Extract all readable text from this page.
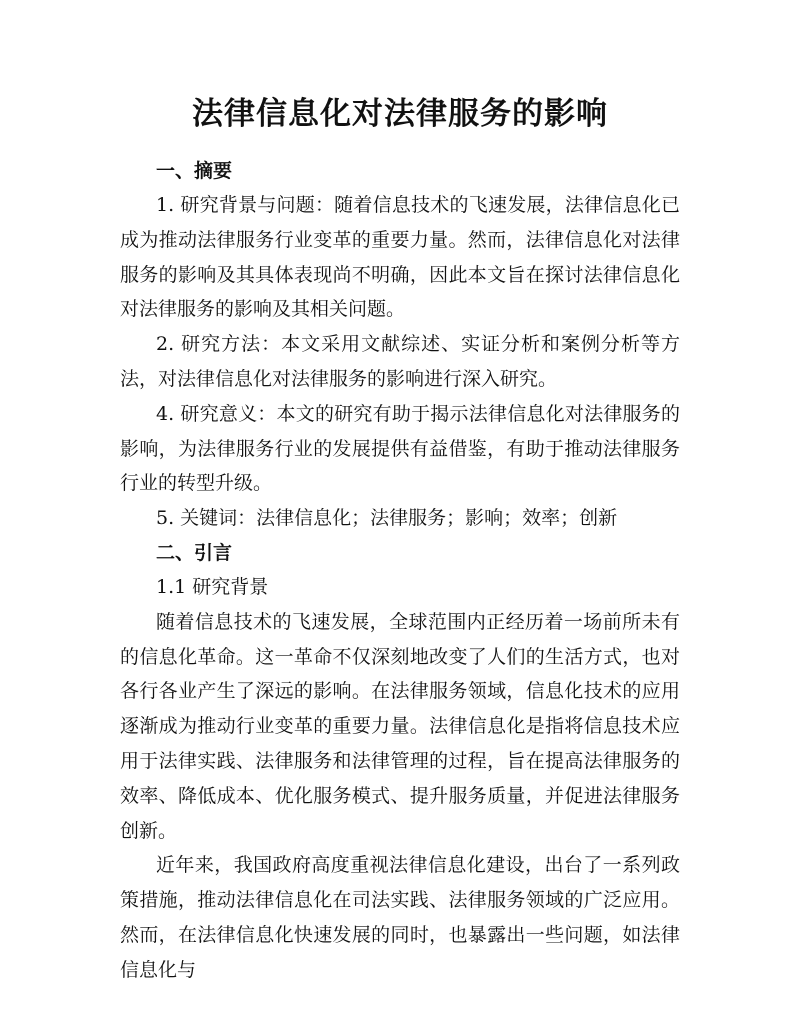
法律信息化对法律服务的影响

一、摘要

1. 研究背景与问题：随着信息技术的飞速发展，法律信息化已成为推动法律服务行业变革的重要力量。然而，法律信息化对法律服务的影响及其具体表现尚不明确，因此本文旨在探讨法律信息化对法律服务的影响及其相关问题。

2. 研究方法：本文采用文献综述、实证分析和案例分析等方法，对法律信息化对法律服务的影响进行深入研究。

4. 研究意义：本文的研究有助于揭示法律信息化对法律服务的影响，为法律服务行业的发展提供有益借鉴，有助于推动法律服务行业的转型升级。

5. 关键词：法律信息化；法律服务；影响；效率；创新

二、引言

1.1 研究背景

随着信息技术的飞速发展，全球范围内正经历着一场前所未有的信息化革命。这一革命不仅深刻地改变了人们的生活方式，也对各行各业产生了深远的影响。在法律服务领域，信息化技术的应用逐渐成为推动行业变革的重要力量。法律信息化是指将信息技术应用于法律实践、法律服务和法律管理的过程，旨在提高法律服务的效率、降低成本、优化服务模式、提升服务质量，并促进法律服务创新。

近年来，我国政府高度重视法律信息化建设，出台了一系列政策措施，推动法律信息化在司法实践、法律服务领域的广泛应用。然而，在法律信息化快速发展的同时，也暴露出一些问题，如法律信息化与
